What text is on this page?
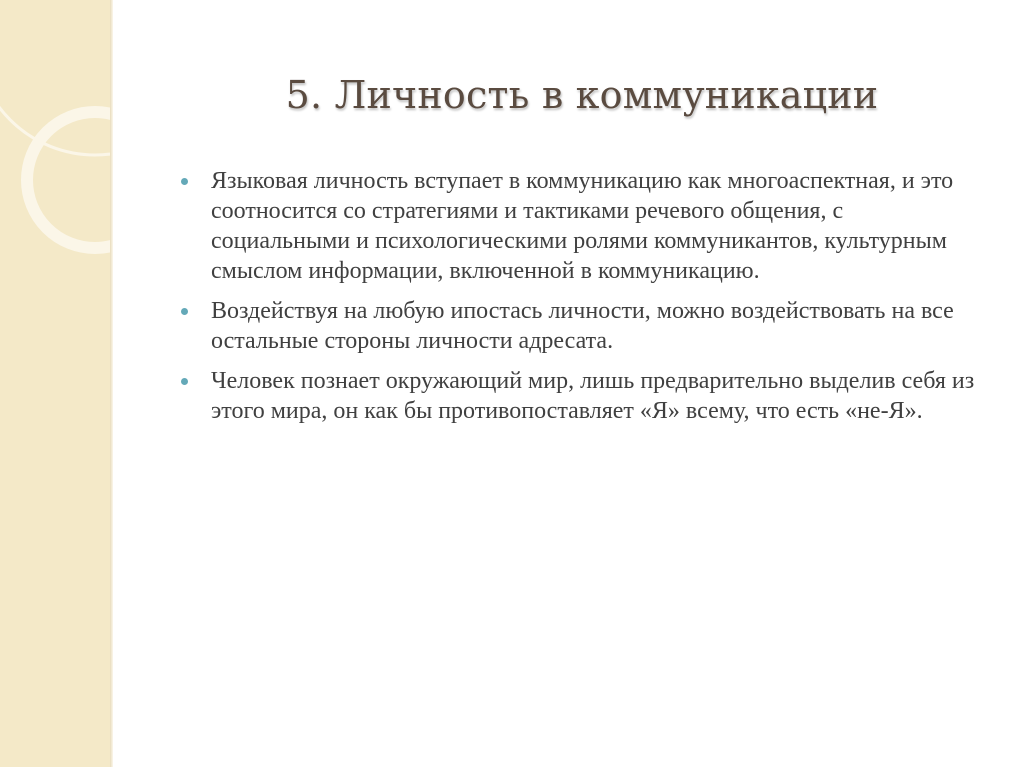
5. Личность в коммуникации
Языковая личность вступает в коммуникацию как многоаспектная, и это соотносится со стратегиями и тактиками речевого общения, с социальными и психологическими ролями коммуникантов, культурным смыслом информации, включенной в коммуникацию.
Воздействуя на любую ипостась личности, можно воздействовать на все остальные стороны личности адресата.
Человек познает окружающий мир, лишь предварительно выделив себя из этого мира, он как бы противопоставляет «Я» всему, что есть «не-Я».
